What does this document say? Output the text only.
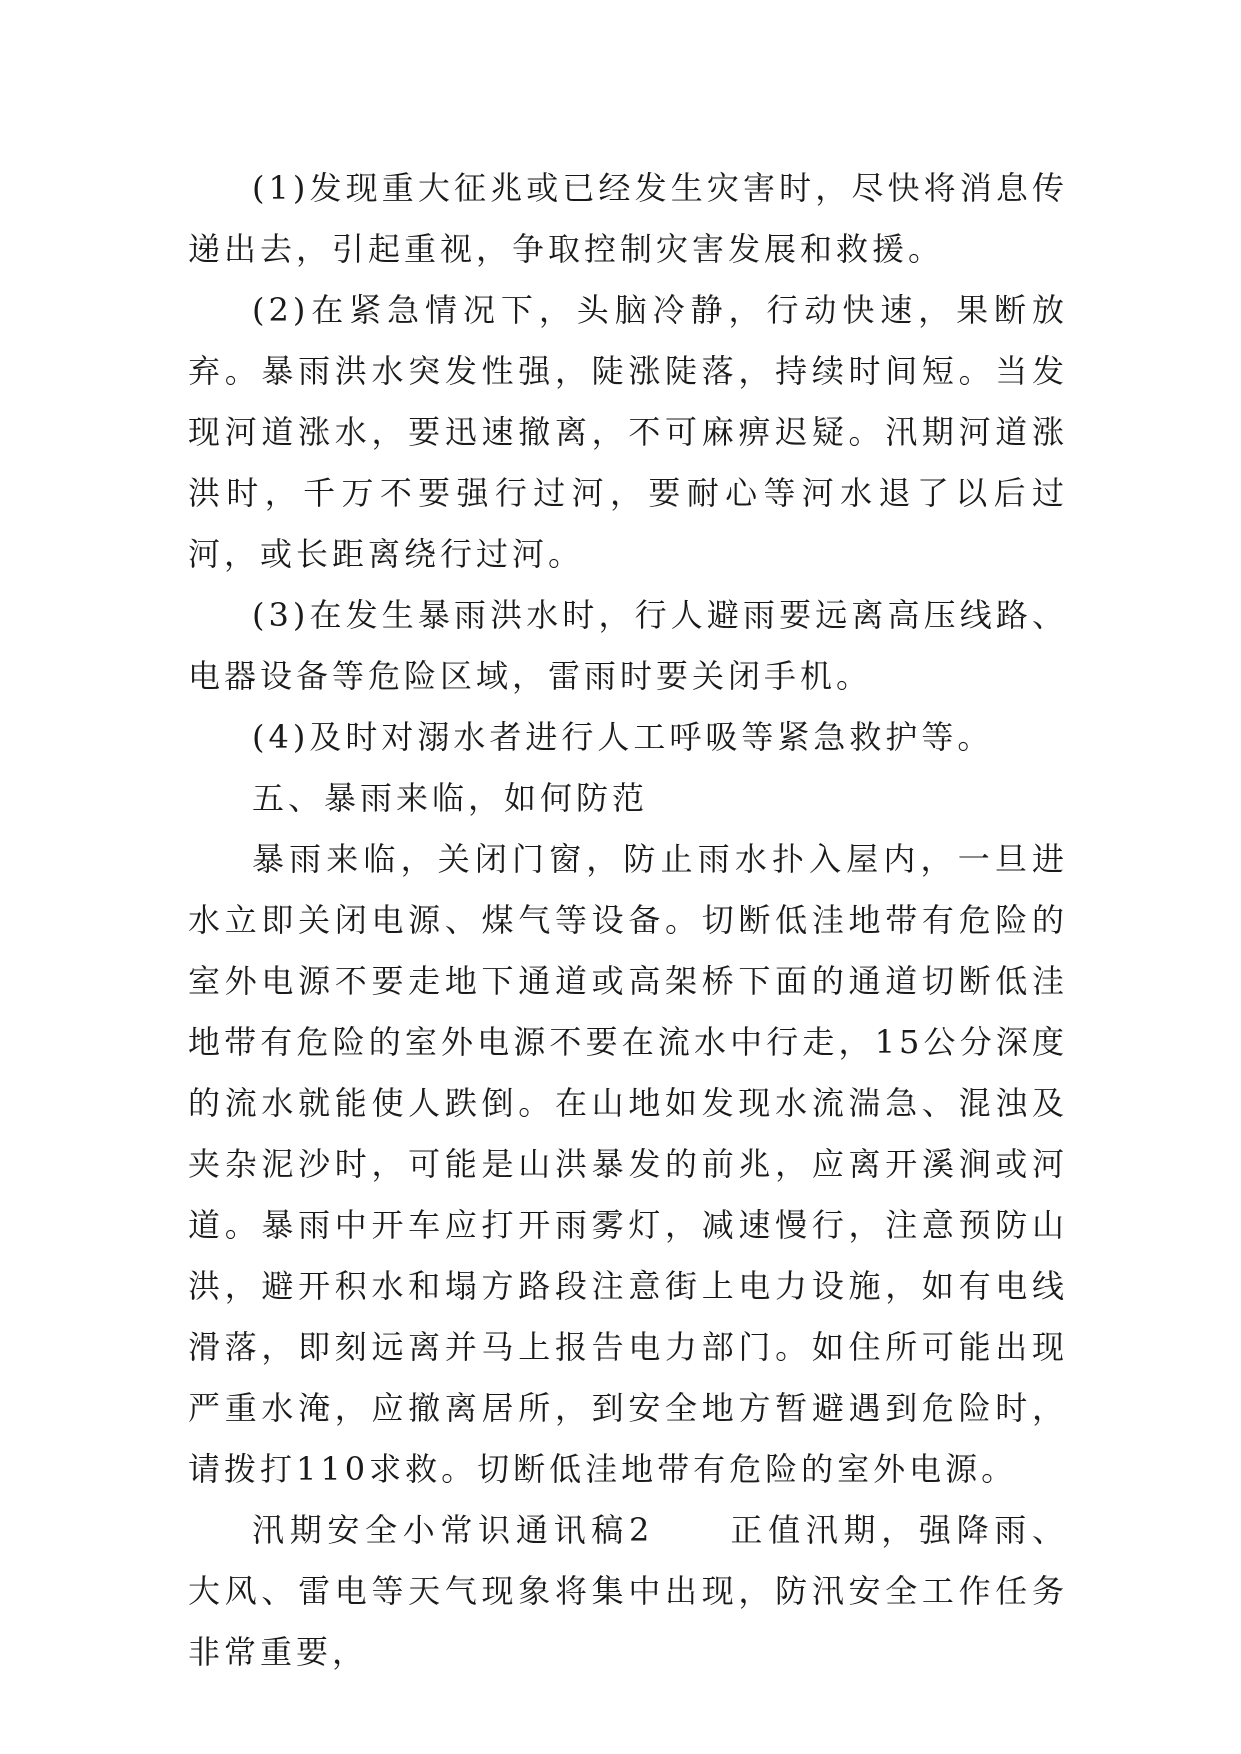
(1)发现重大征兆或已经发生灾害时，尽快将消息传递出去，引起重视，争取控制灾害发展和救援。

(2)在紧急情况下，头脑冷静，行动快速，果断放弃。暴雨洪水突发性强，陡涨陡落，持续时间短。当发现河道涨水，要迅速撤离，不可麻痹迟疑。汛期河道涨洪时，千万不要强行过河，要耐心等河水退了以后过河，或长距离绕行过河。

(3)在发生暴雨洪水时，行人避雨要远离高压线路、电器设备等危险区域，雷雨时要关闭手机。

(4)及时对溺水者进行人工呼吸等紧急救护等。

五、暴雨来临，如何防范

暴雨来临，关闭门窗，防止雨水扑入屋内，一旦进水立即关闭电源、煤气等设备。切断低洼地带有危险的室外电源不要走地下通道或高架桥下面的通道切断低洼地带有危险的室外电源不要在流水中行走，15公分深度的流水就能使人跌倒。在山地如发现水流湍急、混浊及夹杂泥沙时，可能是山洪暴发的前兆，应离开溪涧或河道。暴雨中开车应打开雨雾灯，减速慢行，注意预防山洪，避开积水和塌方路段注意街上电力设施，如有电线滑落，即刻远离并马上报告电力部门。如住所可能出现严重水淹，应撤离居所，到安全地方暂避遇到危险时，请拨打110求救。切断低洼地带有危险的室外电源。

汛期安全小常识通讯稿2　　正值汛期，强降雨、大风、雷电等天气现象将集中出现，防汛安全工作任务非常重要，
